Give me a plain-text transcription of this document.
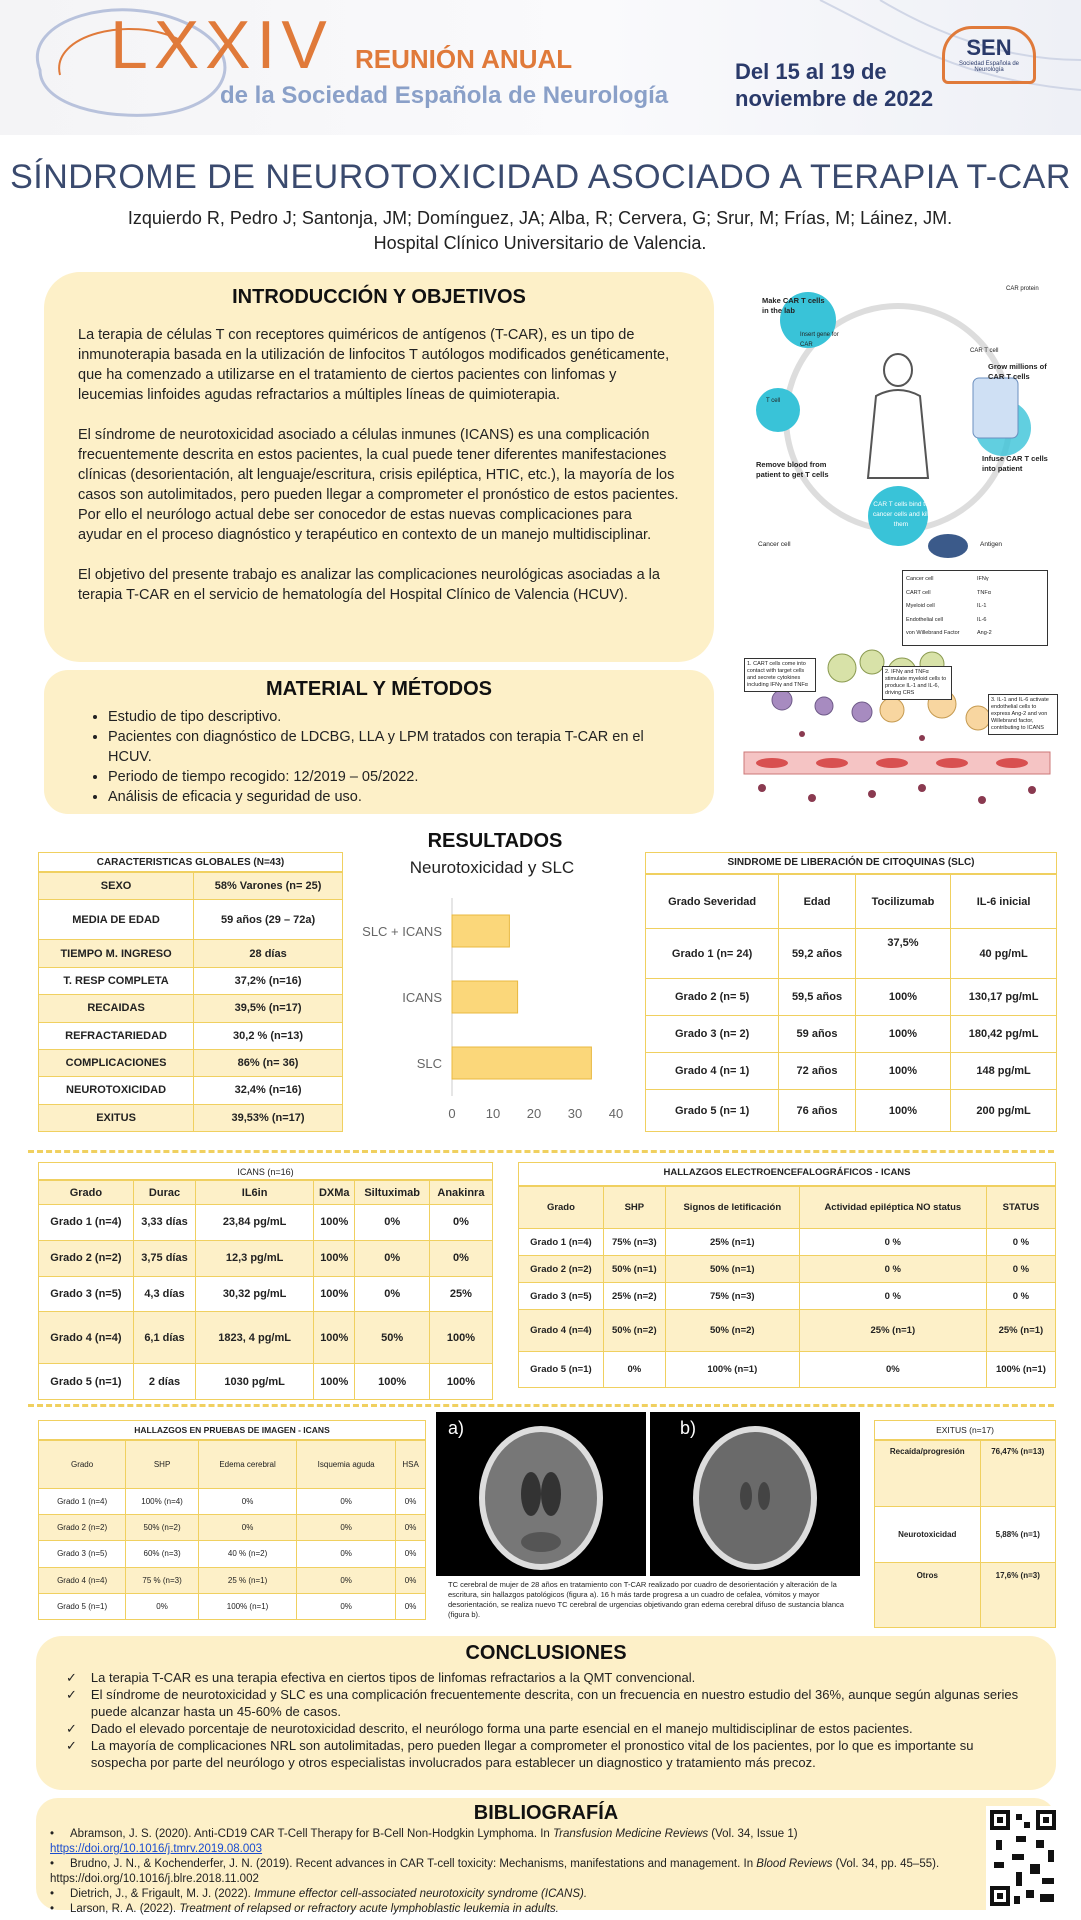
LXXIV REUNIÓN ANUAL
de la Sociedad Española de Neurología
Del 15 al 19 de
noviembre de 2022
SEN
Sociedad Española de Neurología
SÍNDROME DE NEUROTOXICIDAD ASOCIADO A TERAPIA T-CAR
Izquierdo R, Pedro J; Santonja, JM; Domínguez, JA; Alba, R; Cervera, G; Srur, M; Frías, M; Láinez, JM.
Hospital Clínico Universitario de Valencia.
INTRODUCCIÓN Y OBJETIVOS

La terapia de células T con receptores quiméricos de antígenos (T-CAR), es un tipo de inmunoterapia basada en la utilización de linfocitos T autólogos modificados genéticamente, que ha comenzado a utilizarse en el tratamiento de ciertos pacientes con linfomas y leucemias linfoides agudas refractarios a múltiples líneas de quimioterapia.

El síndrome de neurotoxicidad asociado a células inmunes (ICANS) es una complicación frecuentemente descrita en estos pacientes, la cual puede tener diferentes manifestaciones clínicas (desorientación, alt lenguaje/escritura, crisis epiléptica, HTIC, etc.), la mayoría de los casos son autolimitados, pero pueden llegar a comprometer el pronóstico de estos pacientes.

Por ello el neurólogo actual debe ser conocedor de estas nuevas complicaciones para ayudar en el proceso diagnóstico y terapéutico en contexto de un manejo multidisciplinar.

El objetivo del presente trabajo es analizar las complicaciones neurológicas asociadas a la terapia T-CAR en el servicio de hematología del Hospital Clínico de Valencia (HCUV).

MATERIAL Y MÉTODOS
• Estudio de tipo descriptivo.
• Pacientes con diagnóstico de LDCBG, LLA y LPM tratados con terapia T-CAR en el HCUV.
• Periodo de tiempo recogido: 12/2019 – 05/2022.
• Análisis de eficacia y seguridad de uso.
Make CAR T cells in the lab
Insert gene for CAR
CAR protein
CAR T cell
Grow millions of CAR T cells
Infuse CAR T cells into patient
Remove blood from patient to get T cells
T cell
CAR T cells bind to cancer cells and kill them
Cancer cell	Antigen
Cancer cell	IFNγ
CART cell	TNFα
Myeloid cell	IL-1
Endothelial cell	IL-6
von Willebrand Factor	Ang-2
1. CART cells come into contact with target cells and secrete cytokines including IFNγ and TNFα
2. IFNγ and TNFα stimulate myeloid cells to produce IL-1 and IL-6, driving CRS
3. IL-1 and IL-6 activate endothelial cells to express Ang-2 and von Willebrand factor, contributing to ICANS
RESULTADOS
CARACTERISTICAS GLOBALES (N=43)
SEXO	58% Varones (n= 25)
MEDIA DE EDAD	59 años (29 – 72a)
TIEMPO M. INGRESO	28 días
T. RESP COMPLETA	37,2% (n=16)
RECAIDAS	39,5% (n=17)
REFRACTARIEDAD	30,2 % (n=13)
COMPLICACIONES	86% (n= 36)
NEUROTOXICIDAD	32,4% (n=16)
EXITUS	39,53% (n=17)
Neurotoxicidad y SLC
SLC + ICANS
ICANS
SLC
0 10 20 30 40
SINDROME DE LIBERACIÓN DE CITOQUINAS (SLC)
Grado Severidad	Edad	Tocilizumab	IL-6 inicial
Grado 1 (n= 24)	59,2 años	37,5%	40 pg/mL
Grado 2 (n= 5)	59,5 años	100%	130,17 pg/mL
Grado 3 (n= 2)	59 años	100%	180,42 pg/mL
Grado 4 (n= 1)	72 años	100%	148 pg/mL
Grado 5 (n= 1)	76 años	100%	200 pg/mL
ICANS (n=16)
Grado	Durac	IL6in	DXMa	Siltuximab	Anakinra
Grado 1 (n=4)	3,33 días	23,84 pg/mL	100%	0%	0%
Grado 2 (n=2)	3,75 días	12,3 pg/mL	100%	0%	0%
Grado 3 (n=5)	4,3 días	30,32 pg/mL	100%	0%	25%
Grado 4 (n=4)	6,1 días	1823, 4 pg/mL	100%	50%	100%
Grado 5 (n=1)	2 días	1030 pg/mL	100%	100%	100%
HALLAZGOS ELECTROENCEFALOGRÁFICOS - ICANS
Grado	SHP	Signos de letificación	Actividad epiléptica NO status	STATUS
Grado 1 (n=4)	75% (n=3)	25% (n=1)	0 %	0 %
Grado 2 (n=2)	50% (n=1)	50% (n=1)	0 %	0 %
Grado 3 (n=5)	25% (n=2)	75% (n=3)	0 %	0 %
Grado 4 (n=4)	50% (n=2)	50% (n=2)	25% (n=1)	25% (n=1)
Grado 5 (n=1)	0%	100% (n=1)	0%	100% (n=1)
HALLAZGOS EN PRUEBAS DE IMAGEN - ICANS
Grado	SHP	Edema cerebral	Isquemia aguda	HSA
Grado 1 (n=4)	100% (n=4)	0%	0%	0%
Grado 2 (n=2)	50% (n=2)	0%	0%	0%
Grado 3 (n=5)	60% (n=3)	40 % (n=2)	0%	0%
Grado 4 (n=4)	75 % (n=3)	25 % (n=1)	0%	0%
Grado 5 (n=1)	0%	100% (n=1)	0%	0%
a)	b)
TC cerebral de mujer de 28 años en tratamiento con T-CAR realizado por cuadro de desorientación y alteración de la escritura, sin hallazgos patológicos (figura a). 16 h más tarde progresa a un cuadro de cefalea, vómitos y mayor desorientación, se realiza nuevo TC cerebral de urgencias objetivando gran edema cerebral difuso de sustancia blanca (figura b).
EXITUS (n=17)
Recaída/progresión	76,47% (n=13)
Neurotoxicidad	5,88% (n=1)
Otros	17,6% (n=3)
CONCLUSIONES
✓ La terapia T-CAR es una terapia efectiva en ciertos tipos de linfomas refractarios a la QMT convencional.
✓ El síndrome de neurotoxicidad y SLC es una complicación frecuentemente descrita, con un frecuencia en nuestro estudio del 36%, aunque según algunas series puede alcanzar hasta un 45-60% de casos.
✓ Dado el elevado porcentaje de neurotoxicidad descrito, el neurólogo forma una parte esencial en el manejo multidisciplinar de estos pacientes.
✓ La mayoría de complicaciones NRL son autolimitadas, pero pueden llegar a comprometer el pronostico vital de los pacientes, por lo que es importante su sospecha por parte del neurólogo y otros especialistas involucrados para establecer un diagnostico y tratamiento más precoz.
BIBLIOGRAFÍA
•     Abramson, J. S. (2020). Anti-CD19 CAR T-Cell Therapy for B-Cell Non-Hodgkin Lymphoma. In Transfusion Medicine Reviews (Vol. 34, Issue 1) https://doi.org/10.1016/j.tmrv.2019.08.003
•     Brudno, J. N., & Kochenderfer, J. N. (2019). Recent advances in CAR T-cell toxicity: Mechanisms, manifestations and management. In Blood Reviews (Vol. 34, pp. 45–55). https://doi.org/10.1016/j.blre.2018.11.002
•     Dietrich, J., & Frigault, M. J. (2022). Immune effector cell-associated neurotoxicity syndrome (ICANS).
•     Larson, R. A. (2022). Treatment of relapsed or refractory acute lymphoblastic leukemia in adults.
